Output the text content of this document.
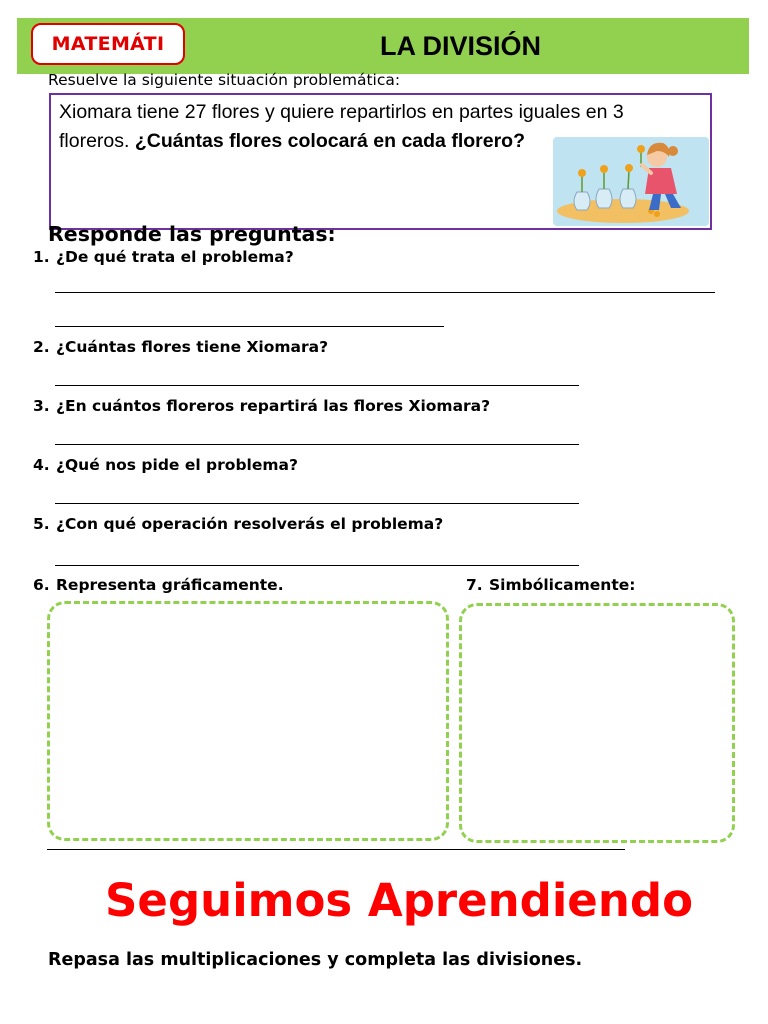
MATEMÁTI	LA DIVISIÓN
Resuelve la siguiente situación problemática:
Xiomara tiene 27 flores y quiere repartirlos en partes iguales en 3 floreros. ¿Cuántas flores colocará en cada florero?
Responde las preguntas:
1. ¿De qué trata el problema?
2. ¿Cuántas flores tiene Xiomara?
3. ¿En cuántos floreros repartirá las flores Xiomara?
4. ¿Qué nos pide el problema?
5. ¿Con qué operación resolverás el problema?
6. Representa gráficamente.	7. Simbólicamente:
Seguimos Aprendiendo
Repasa las multiplicaciones y completa las divisiones.
